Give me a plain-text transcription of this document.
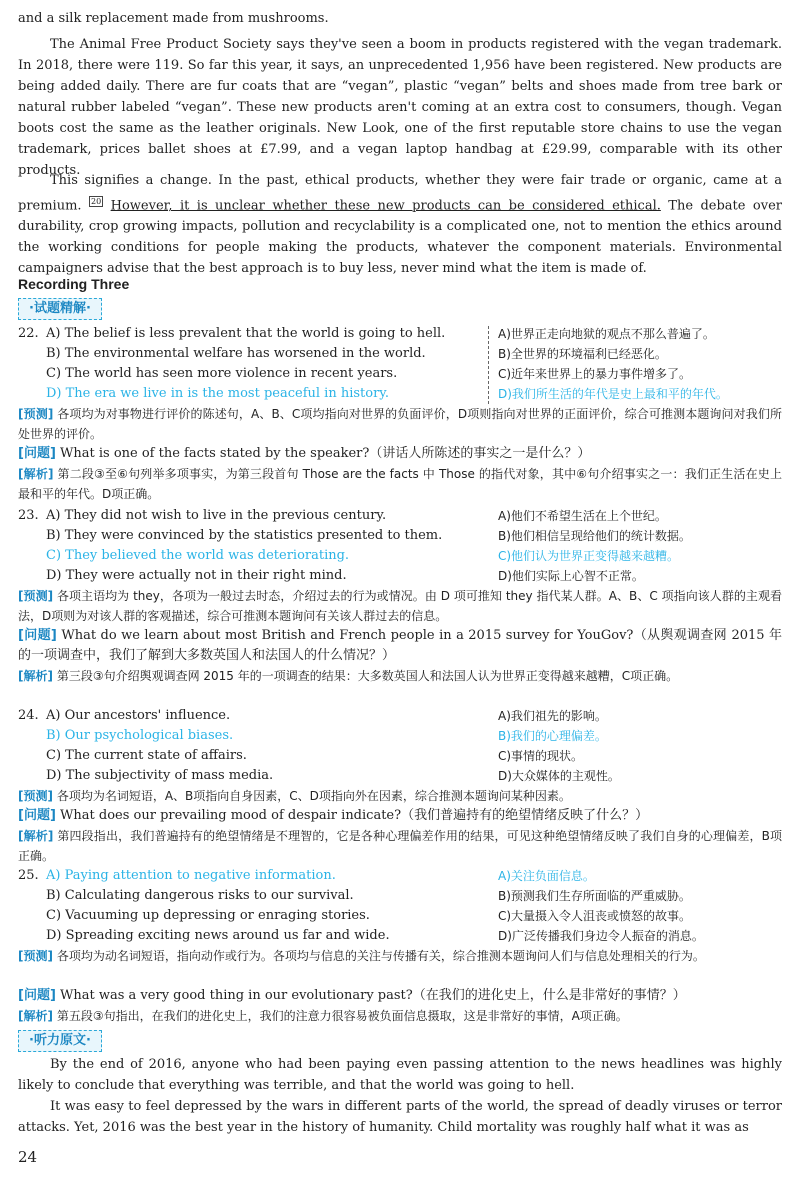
and a silk replacement made from mushrooms.

The Animal Free Product Society says they've seen a boom in products registered with the vegan trademark. In 2018, there were 119. So far this year, it says, an unprecedented 1,956 have been registered. New products are being added daily. There are fur coats that are “vegan”, plastic “vegan” belts and shoes made from tree bark or natural rubber labeled “vegan”. These new products aren't coming at an extra cost to consumers, though. Vegan boots cost the same as the leather originals. New Look, one of the first reputable store chains to use the vegan trademark, prices ballet shoes at £7.99, and a vegan laptop handbag at £29.99, comparable with its other products.

This signifies a change. In the past, ethical products, whether they were fair trade or organic, came at a premium. $^{20}$ However, it is unclear whether these new products can be considered ethical. The debate over durability, crop growing impacts, pollution and recyclability is a complicated one, not to mention the ethics around the working conditions for people making the products, whatever the component materials. Environmental campaigners advise that the best approach is to buy less, never mind what the item is made of.

Recording Three
·试题精解·
22. A) The belief is less prevalent that the world is going to hell.
B) The environmental welfare has worsened in the world.
C) The world has seen more violence in recent years.
D) The era we live in is the most peaceful in history.
A)世界正走向地狱的观点不那么普遍了。
B)全世界的环境福利已经恶化。
C)近年来世界上的暴力事件增多了。
D)我们所生活的年代是史上最和平的年代。
[预测] 各项均为对事物进行评价的陈述句，A、B、C项均指向对世界的负面评价，D项则指向对世界的正面评价，综合可推测本题询问对我们所处世界的评价。
[问题] What is one of the facts stated by the speaker?（讲话人所陈述的事实之一是什么？）
[解析] 第二段③至⑥句列举多项事实，为第三段首句 Those are the facts 中 Those 的指代对象，其中⑥句介绍事实之一：我们正生活在史上最和平的年代。D项正确。
23. A) They did not wish to live in the previous century.
B) They were convinced by the statistics presented to them.
C) They believed the world was deteriorating.
D) They were actually not in their right mind.
A)他们不希望生活在上个世纪。
B)他们相信呈现给他们的统计数据。
C)他们认为世界正变得越来越糟。
D)他们实际上心智不正常。
[预测] 各项主语均为 they，各项为一般过去时态，介绍过去的行为或情况。由 D 项可推知 they 指代某人群。A、B、C 项指向该人群的主观看法，D项则为对该人群的客观描述，综合可推测本题询问有关该人群过去的信息。
[问题] What do we learn about most British and French people in a 2015 survey for YouGov?（从舆观调查网 2015 年的一项调查中，我们了解到大多数英国人和法国人的什么情况？）
[解析] 第三段③句介绍舆观调查网 2015 年的一项调查的结果：大多数英国人和法国人认为世界正变得越来越糟，C项正确。
24. A) Our ancestors' influence.
B) Our psychological biases.
C) The current state of affairs.
D) The subjectivity of mass media.
A)我们祖先的影响。
B)我们的心理偏差。
C)事情的现状。
D)大众媒体的主观性。
[预测] 各项均为名词短语，A、B项指向自身因素，C、D项指向外在因素，综合推测本题询问某种因素。
[问题] What does our prevailing mood of despair indicate?（我们普遍持有的绝望情绪反映了什么？）
[解析] 第四段指出，我们普遍持有的绝望情绪是不理智的，它是各种心理偏差作用的结果，可见这种绝望情绪反映了我们自身的心理偏差，B项正确。
25. A) Paying attention to negative information.
B) Calculating dangerous risks to our survival.
C) Vacuuming up depressing or enraging stories.
D) Spreading exciting news around us far and wide.
A)关注负面信息。
B)预测我们生存所面临的严重威胁。
C)大量摄入令人沮丧或愤怒的故事。
D)广泛传播我们身边令人振奋的消息。
[预测] 各项均为动名词短语，指向动作或行为。各项均与信息的关注与传播有关，综合推测本题询问人们与信息处理相关的行为。
[问题] What was a very good thing in our evolutionary past?（在我们的进化史上，什么是非常好的事情？）
[解析] 第五段③句指出，在我们的进化史上，我们的注意力很容易被负面信息摄取，这是非常好的事情，A项正确。
·听力原文·

By the end of 2016, anyone who had been paying even passing attention to the news headlines was highly likely to conclude that everything was terrible, and that the world was going to hell.

It was easy to feel depressed by the wars in different parts of the world, the spread of deadly viruses or terror attacks. Yet, 2016 was the best year in the history of humanity. Child mortality was roughly half what it was as

24
